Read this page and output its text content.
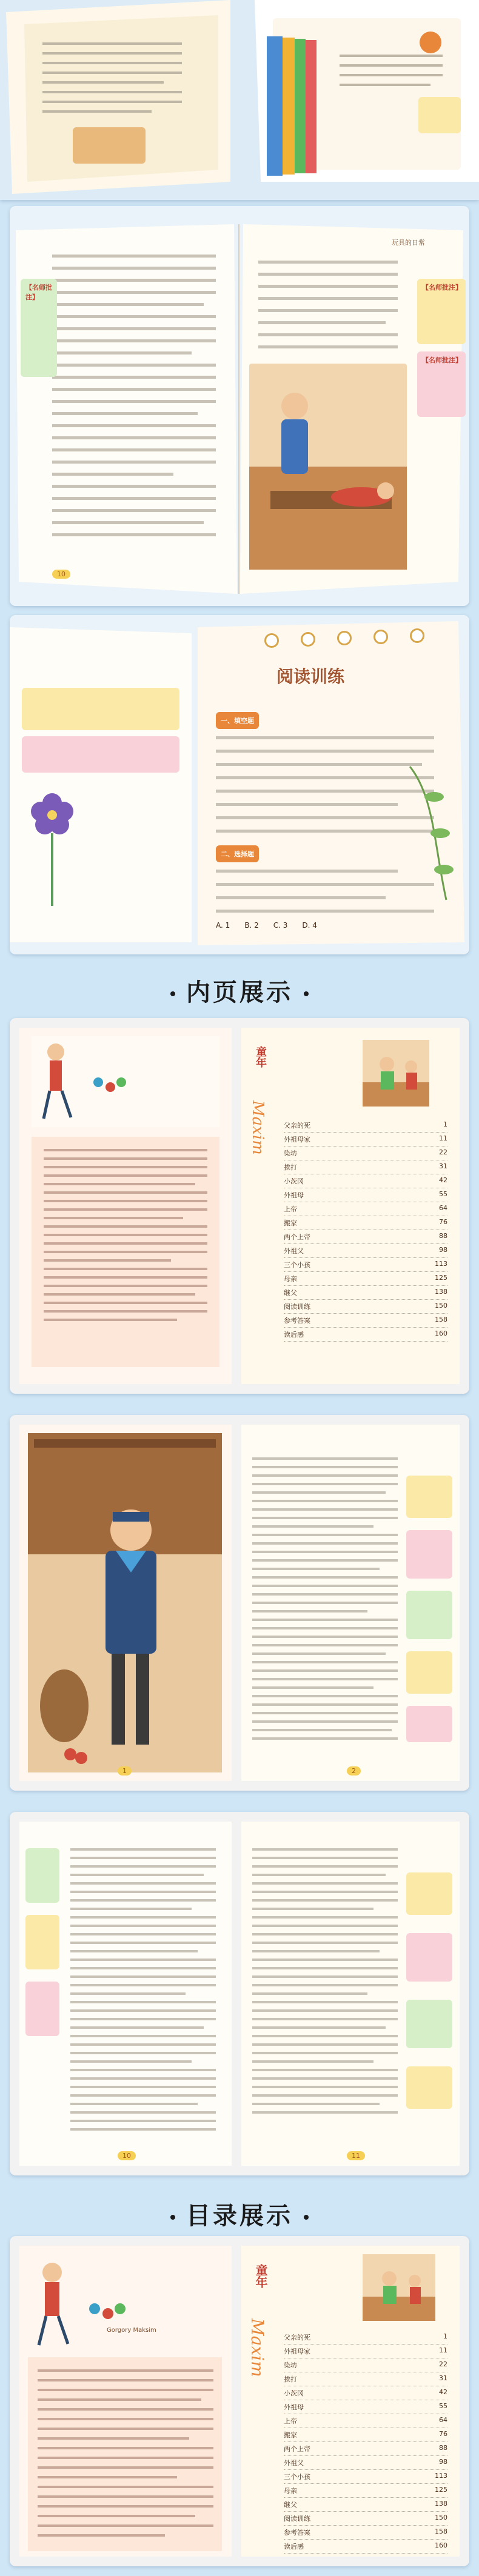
【名师批注】
【名师批注】
【名师批注】
玩具的日常
10
阅读训练
一、填空题
二、选择题
A. 1 B. 2 C. 3 D. 4
内页展示
童年
Maxim	父亲的死	1
外祖母家	11
染坊	22
挨打	31
小茨冈	42
外祖母	55
上帝	64
搬家	76
两个上帝	88
外祖父	98
三个小孩	113
母亲	125
继父	138
阅读训练	150
参考答案	158
读后感	160
1	2
10	11
目录展示
Gorgory Maksim
童年
Maxim 父亲的死	1
外祖母家	11
染坊	22
挨打	31
小茨冈	42
外祖母	55
上帝	64
搬家	76
两个上帝	88
外祖父	98
三个小孩	113
母亲	125
继父	138
阅读训练	150
参考答案	158
读后感	160
